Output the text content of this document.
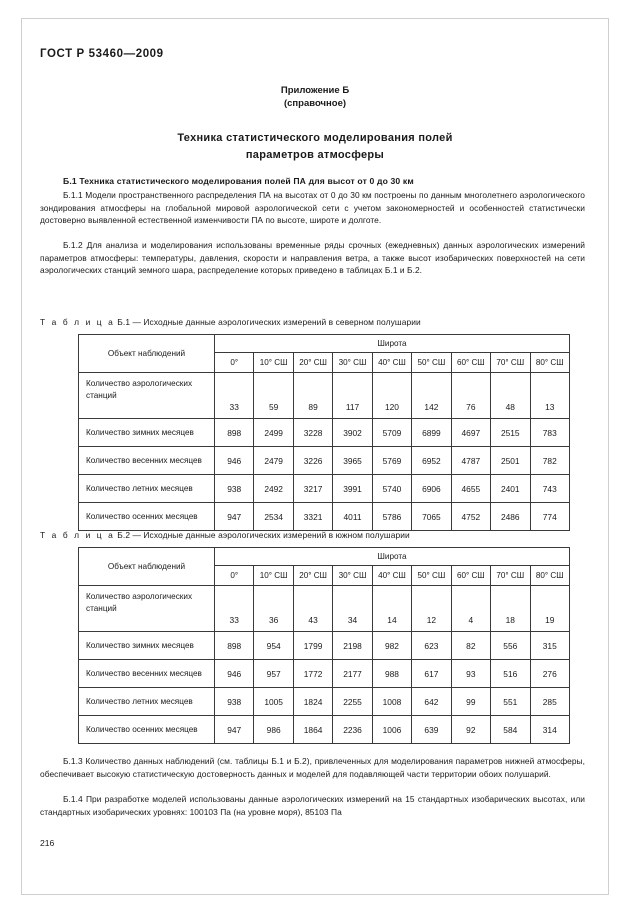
ГОСТ Р 53460—2009
Приложение Б
(справочное)
Техника статистического моделирования полей
параметров атмосферы
Б.1 Техника статистического моделирования полей ПА для высот от 0 до 30 км

Б.1.1 Модели пространственного распределения ПА на высотах от 0 до 30 км построены по данным многолетнего аэрологического зондирования атмосферы на глобальной мировой аэрологической сети с учетом закономерностей и особенностей статистически достоверно выявленной естественной изменчивости ПА по высоте, широте и долготе.

Б.1.2 Для анализа и моделирования использованы временные ряды срочных (ежедневных) данных аэрологических измерений параметров атмосферы: температуры, давления, скорости и направления ветра, а также высот изобарических поверхностей на сети аэрологических станций земного шара, распределение которых приведено в таблицах Б.1 и Б.2.

Т а б л и ц а Б.1 — Исходные данные аэрологических измерений в северном полушарии
Объект наблюдений	Широта								
	0°	10° СШ	20° СШ	30° СШ	40° СШ	50° СШ	60° СШ	70° СШ	80° СШ
Количество аэрологических станций	33	59	89	117	120	142	76	48	13
Количество зимних месяцев	898	2499	3228	3902	5709	6899	4697	2515	783
Количество весенних месяцев	946	2479	3226	3965	5769	6952	4787	2501	782
Количество летних месяцев	938	2492	3217	3991	5740	6906	4655	2401	743
Количество осенних месяцев	947	2534	3321	4011	5786	7065	4752	2486	774
Т а б л и ц а Б.2 — Исходные данные аэрологических измерений в южном полушарии
Объект наблюдений	Широта								
	0°	10° СШ	20° СШ	30° СШ	40° СШ	50° СШ	60° СШ	70° СШ	80° СШ
Количество аэрологических станций	33	36	43	34	14	12	4	18	19
Количество зимних месяцев	898	954	1799	2198	982	623	82	556	315
Количество весенних месяцев	946	957	1772	2177	988	617	93	516	276
Количество летних месяцев	938	1005	1824	2255	1008	642	99	551	285
Количество осенних месяцев	947	986	1864	2236	1006	639	92	584	314

Б.1.3 Количество данных наблюдений (см. таблицы Б.1 и Б.2), привлеченных для моделирования параметров нижней атмосферы, обеспечивает высокую статистическую достоверность данных и моделей для подавляющей части территории обоих полушарий.

Б.1.4 При разработке моделей использованы данные аэрологических измерений на 15 стандартных изобарических высотах, или стандартных изобарических уровнях: 100103 Па (на уровне моря), 85103 Па

216
